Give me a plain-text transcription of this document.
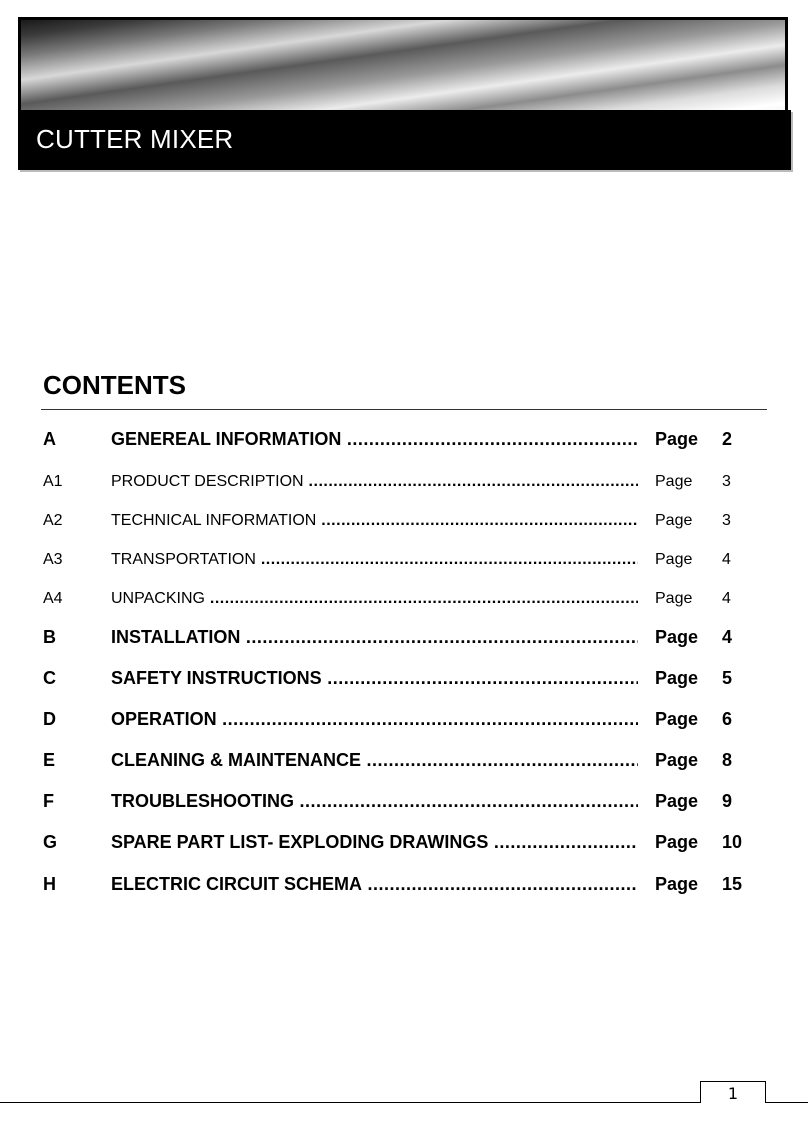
CUTTER MIXER
CONTENTS
A	GENEREAL INFORMATION .....	Page 2
A1	PRODUCT DESCRIPTION .....	Page 3
A2	TECHNICAL INFORMATION .....	Page 3
A3	TRANSPORTATION .....	Page 4
A4	UNPACKING .....	Page 4
B	INSTALLATION .....	Page 4
C	SAFETY INSTRUCTIONS .....	Page 5
D	OPERATION .....	Page 6
E	CLEANING & MAINTENANCE .....	Page 8
F	TROUBLESHOOTING .....	Page 9
G	SPARE PART LIST- EXPLODING DRAWINGS .....	Page 10
H	ELECTRIC CIRCUIT SCHEMA .....	Page 15
1
